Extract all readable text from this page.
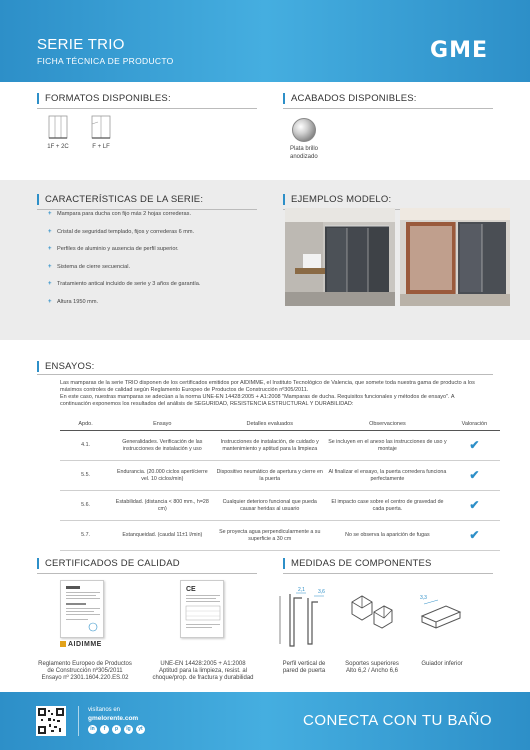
SERIE TRIO
FICHA TÉCNICA DE PRODUCTO	GME
FORMATOS DISPONIBLES:
1F + 2C	F + LF
ACABADOS DISPONIBLES:
Plata brillo
anodizado
CARACTERÍSTICAS DE LA SERIE:
+ Mampara para ducha con fijo más 2 hojas correderas.
+ Cristal de seguridad templado, fijos y correderas 6 mm.
+ Perfiles de aluminio y ausencia de perfil superior.
+ Sistema de cierre secuencial.
+ Tratamiento antical incluido de serie y 3 años de garantía.
+ Altura 1950 mm.
EJEMPLOS MODELO:
ENSAYOS:
Las mamparas de la serie TRIO disponen de los certificados emitidos por AIDIMME, el Instituto Tecnológico de Valencia, que somete toda nuestra gama de producto a los máximos controles de calidad según Reglamento Europeo de Productos de Construcción nº305/2011.
En este caso, nuestras mamparas se adecúan a la norma UNE-EN 14428:2005 + A1:2008 "Mamparas de ducha. Requisitos funcionales y métodos de ensayo". A continuación exponemos los resultados del análisis de SEGURIDAD, RESISTENCIA ESTRUCTURAL Y DURABILIDAD:
Apdo.	Ensayo	Detalles evaluados	Observaciones	Valoración
4.1.	Generalidades. Verificación de las instrucciones de instalación y uso	Instrucciones de instalación, de cuidado y mantenimiento y aptitud para la limpieza	Se incluyen en el anexo las instrucciones de uso y montaje	✔
5.5.	Endurancia. (20.000 ciclos apert/cierre vel. 10 ciclos/min)	Dispositivo neumático de apertura y cierre en la puerta	Al finalizar el ensayo, la puerta corredera funciona perfectamente	✔
5.6.	Estabilidad. (distancia < 800 mm., h=28 cm)	Cualquier deterioro funcional que pueda causar heridas al usuario	El impacto case sobre el centro de gravedad de cada puerta.	✔
5.7.	Estanqueidad. (caudal 11±1 l/min)	Se proyecta agua perpendicularmente a su superficie a 30 cm	No se observa la aparición de fugas	✔
CERTIFICADOS DE CALIDAD
AIDIMME
CE
Reglamento Europeo de Productos
de Construcción nº305/2011
Ensayo nº 2301.1604.220.ES.02
UNE-EN 14428:2005 + A1:2008
Aptitud para la limpieza, resist. al
choque/prop. de fractura y durabilidad
MEDIDAS DE COMPONENTES
2,1	3,6
3,3
Perfil vertical de
pared de puerta
Soportes superiores
Alto 6,2 / Ancho 6,6
Guiador inferior
visítanos en
gmelorente.com
in	f	p	ig	yt	CONECTA CON TU BAÑO
